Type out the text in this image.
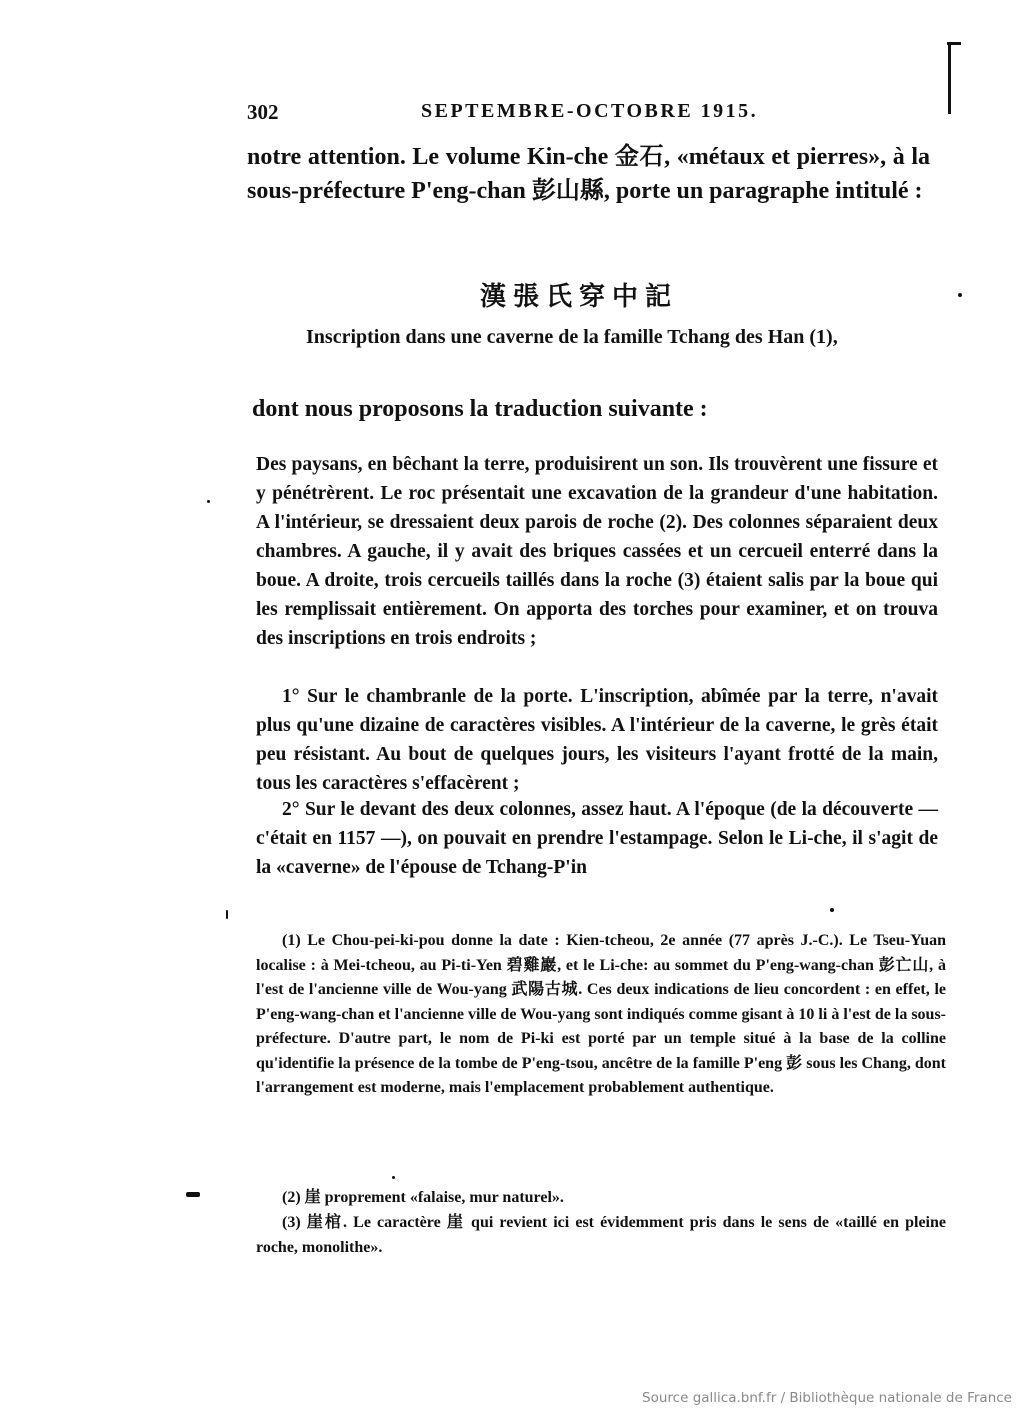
302	SEPTEMBRE-OCTOBRE 1915.

notre attention. Le volume Kin-che 金石, «métaux et pierres», à la sous-préfecture P'eng-chan 彭山縣, porte un paragraphe intitulé :

漢張氏穿中記
Inscription dans une caverne de la famille Tchang des Han (1),

dont nous proposons la traduction suivante :

Des paysans, en bêchant la terre, produisirent un son. Ils trouvèrent une fissure et y pénétrèrent. Le roc présentait une excavation de la grandeur d'une habitation. A l'intérieur, se dressaient deux parois de roche (2). Des colonnes séparaient deux chambres. A gauche, il y avait des briques cassées et un cercueil enterré dans la boue. A droite, trois cercueils taillés dans la roche (3) étaient salis par la boue qui les remplissait entièrement. On apporta des torches pour examiner, et on trouva des inscriptions en trois endroits ;

1° Sur le chambranle de la porte. L'inscription, abîmée par la terre, n'avait plus qu'une dizaine de caractères visibles. A l'intérieur de la caverne, le grès était peu résistant. Au bout de quelques jours, les visiteurs l'ayant frotté de la main, tous les caractères s'effacèrent ;

2° Sur le devant des deux colonnes, assez haut. A l'époque (de la découverte — c'était en 1157 —), on pouvait en prendre l'estampage. Selon le Li-che, il s'agit de la «caverne» de l'épouse de Tchang-P'in

(1) Le Chou-pei-ki-pou donne la date : Kien-tcheou, 2e année (77 après J.-C.). Le Tseu-Yuan localise : à Mei-tcheou, au Pi-ti-Yen 碧雞巖, et le Li-che: au sommet du P'eng-wang-chan 彭亡山, à l'est de l'ancienne ville de Wou-yang 武陽古城. Ces deux indications de lieu concordent : en effet, le P'eng-wang-chan et l'ancienne ville de Wou-yang sont indiqués comme gisant à 10 li à l'est de la sous-préfecture. D'autre part, le nom de Pi-ki est porté par un temple situé à la base de la colline qu'identifie la présence de la tombe de P'eng-tsou, ancêtre de la famille P'eng 彭 sous les Chang, dont l'arrangement est moderne, mais l'emplacement probablement authentique.

(2) 崖 proprement «falaise, mur naturel».

(3) 崖棺. Le caractère 崖 qui revient ici est évidemment pris dans le sens de «taillé en pleine roche, monolithe».

Source gallica.bnf.fr / Bibliothèque nationale de France
